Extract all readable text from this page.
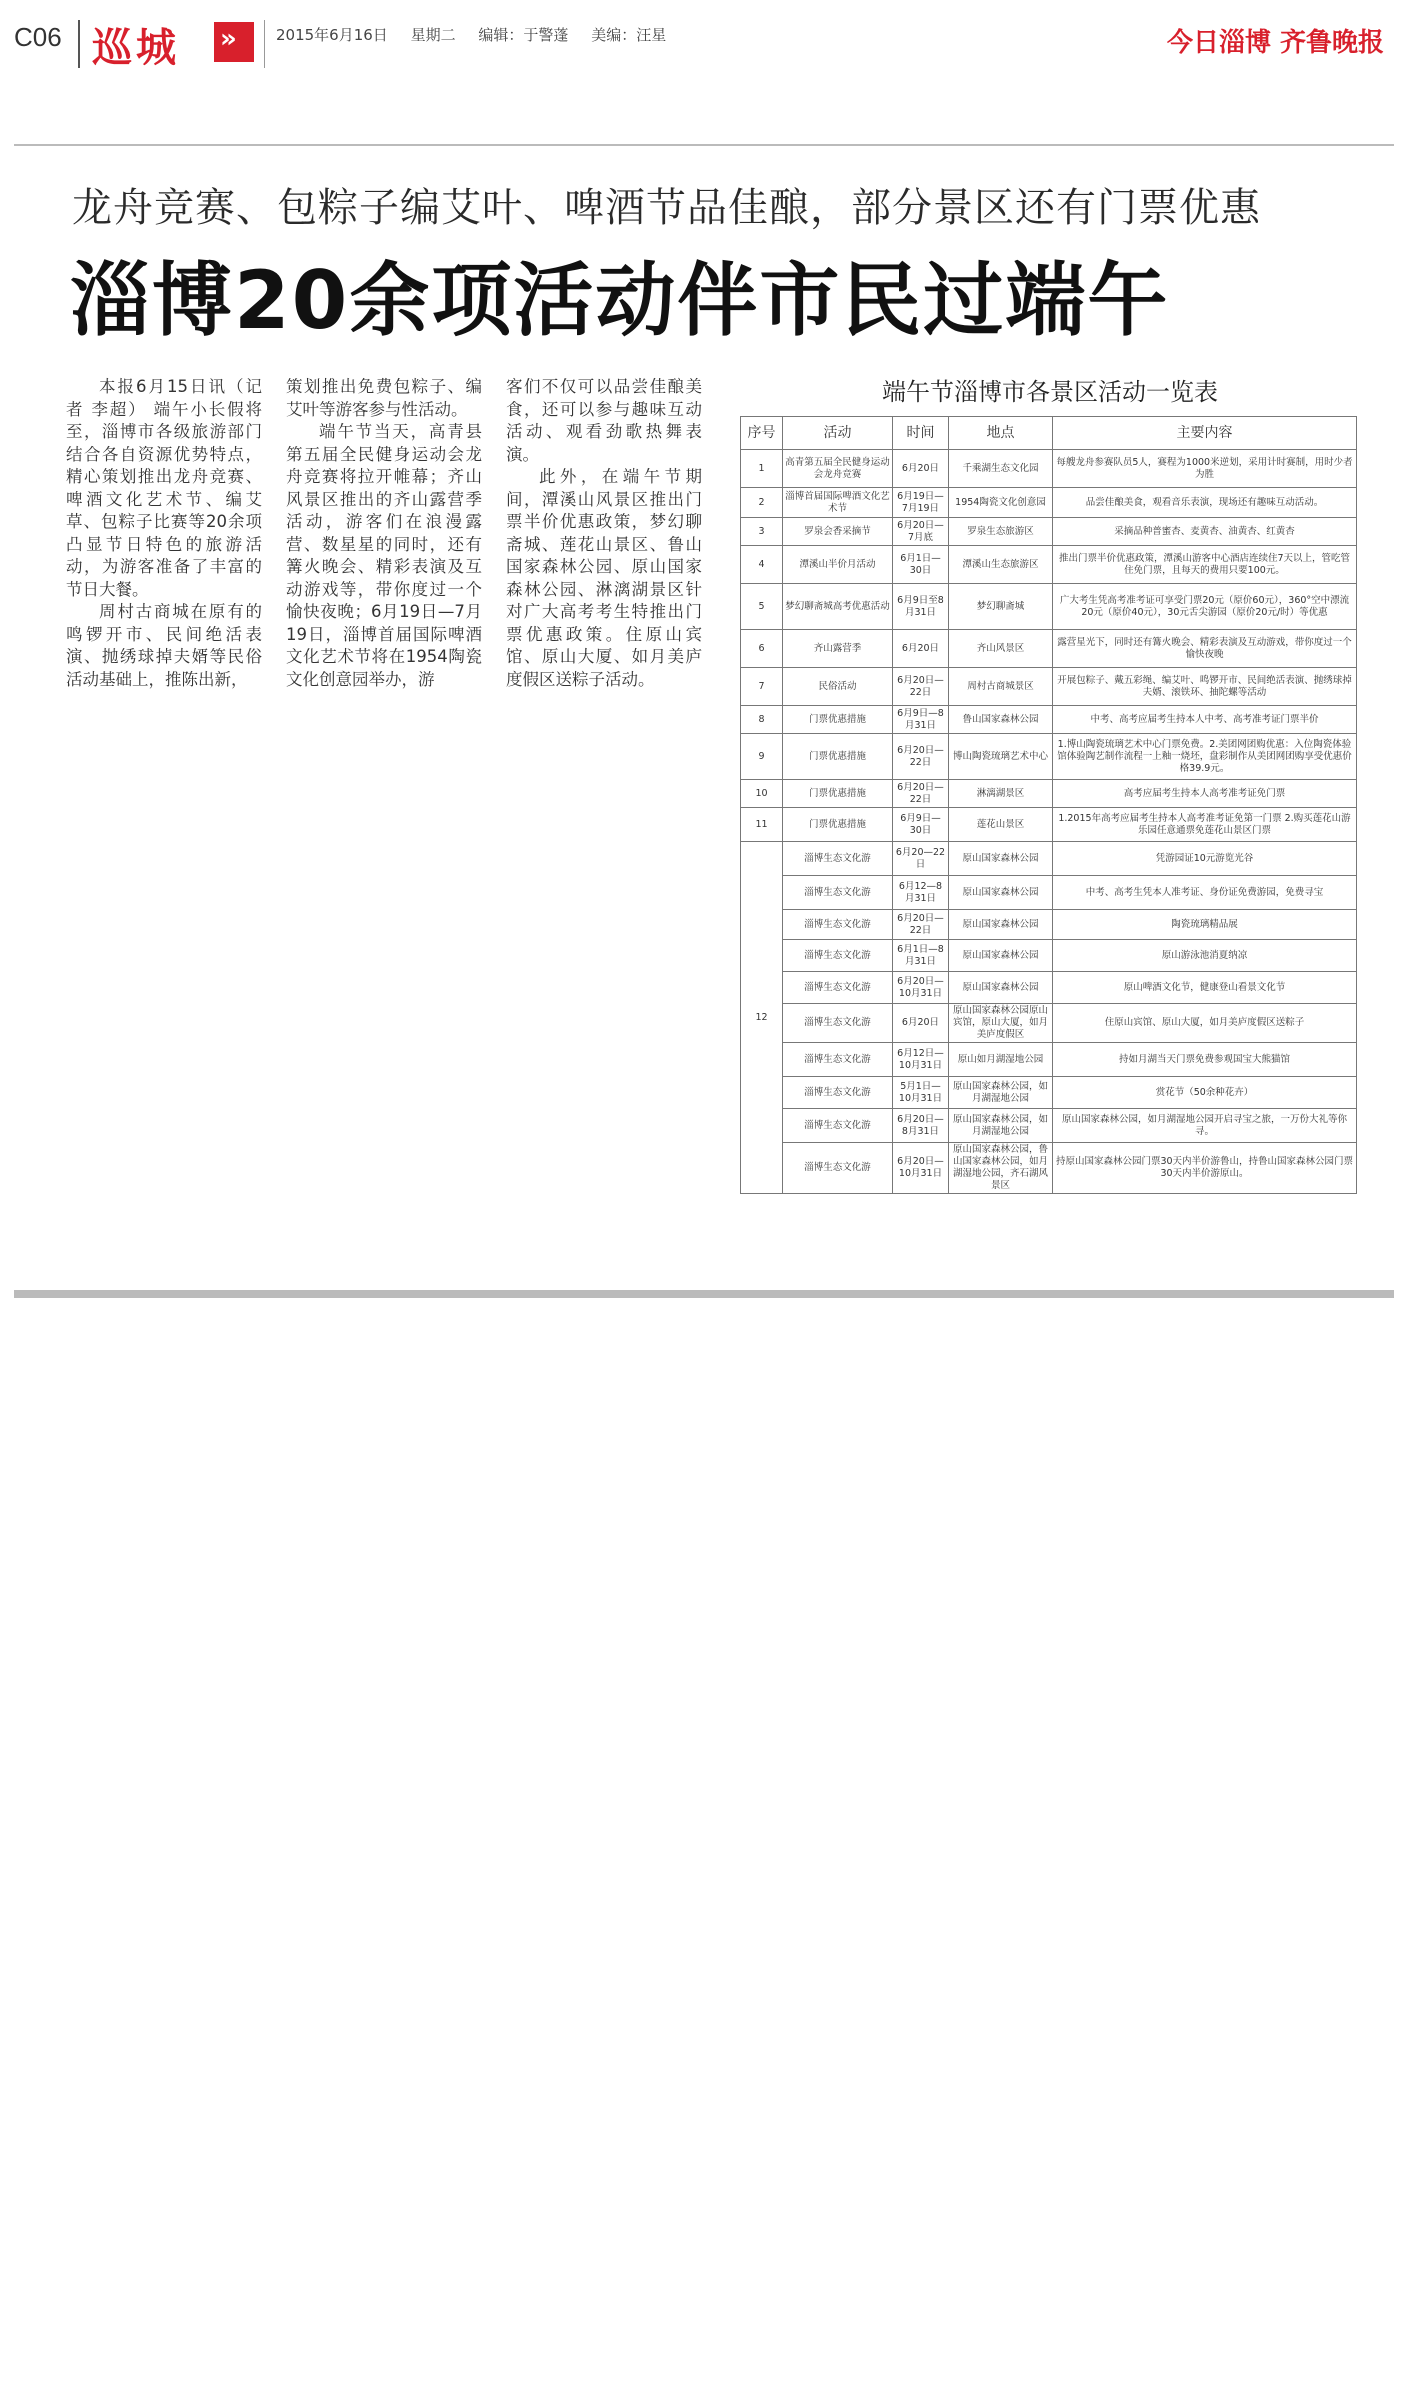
C06 巡城 »	2015年6月16日 星期二 编辑：于警蓬 美编：汪星	今日淄博 齐鲁晚报
龙舟竞赛、包粽子编艾叶、啤酒节品佳酿，部分景区还有门票优惠
淄博20余项活动伴市民过端午

本报6月15日讯（记者 李超） 端午小长假将至，淄博市各级旅游部门结合各自资源优势特点，精心策划推出龙舟竞赛、啤酒文化艺术节、编艾草、包粽子比赛等20余项凸显节日特色的旅游活动，为游客准备了丰富的节日大餐。

周村古商城在原有的鸣锣开市、民间绝活表演、抛绣球掉夫婿等民俗活动基础上，推陈出新，

策划推出免费包粽子、编艾叶等游客参与性活动。

端午节当天，高青县第五届全民健身运动会龙舟竞赛将拉开帷幕；齐山风景区推出的齐山露营季活动，游客们在浪漫露营、数星星的同时，还有篝火晚会、精彩表演及互动游戏等，带你度过一个愉快夜晚；6月19日—7月19日，淄博首届国际啤酒文化艺术节将在1954陶瓷文化创意园举办，游

客们不仅可以品尝佳酿美食，还可以参与趣味互动活动、观看劲歌热舞表演。

此外，在端午节期间，潭溪山风景区推出门票半价优惠政策，梦幻聊斋城、莲花山景区、鲁山国家森林公园、原山国家森林公园、淋漓湖景区针对广大高考考生特推出门票优惠政策。住原山宾馆、原山大厦、如月美庐度假区送粽子活动。

端午节淄博市各景区活动一览表
序号	活动	时间	地点	主要内容
1	高青第五届全民健身运动会龙舟竞赛	6月20日	千乘湖生态文化园	每艘龙舟参赛队员5人，赛程为1000米逆划，采用计时赛制，用时少者为胜
2	淄博首届国际啤酒文化艺术节	6月19日—7月19日	1954陶瓷文化创意园	品尝佳酿美食，观看音乐表演，现场还有趣味互动活动。
3	罗泉会香采摘节	6月20日—7月底	罗泉生态旅游区	采摘品种普蜜杏、麦黄杏、油黄杏、红黄杏
4	潭溪山半价月活动	6月1日—30日	潭溪山生态旅游区	推出门票半价优惠政策，潭溪山游客中心酒店连续住7天以上，管吃管住免门票，且每天的费用只要100元。
5	梦幻聊斋城高考优惠活动	6月9日至8月31日	梦幻聊斋城	广大考生凭高考准考证可享受门票20元（原价60元），360°空中漂流20元（原价40元），30元舌尖游园（原价20元/时）等优惠
6	齐山露营季	6月20日	齐山风景区	露营星光下，同时还有篝火晚会、精彩表演及互动游戏，带你度过一个愉快夜晚
7	民俗活动	6月20日—22日	周村古商城景区	开展包粽子、戴五彩绳、编艾叶、鸣锣开市、民间绝活表演、抛绣球掉夫婿、滚铁环、抽陀螺等活动
8	门票优惠措施	6月9日—8月31日	鲁山国家森林公园	中考、高考应届考生持本人中考、高考准考证门票半价
9	门票优惠措施	6月20日—22日	博山陶瓷琉璃艺术中心	1.博山陶瓷琉璃艺术中心门票免费。2.美团网团购优惠：入位陶瓷体验馆体验陶艺制作流程一上釉一烧坯，盘彩制作从美团网团购享受优惠价格39.9元。
10	门票优惠措施	6月20日—22日	淋漓湖景区	高考应届考生持本人高考准考证免门票
11	门票优惠措施	6月9日—30日	莲花山景区	1.2015年高考应届考生持本人高考准考证免第一门票 2.购买莲花山游乐园任意通票免莲花山景区门票
12	淄博生态文化游	6月20—22日	原山国家森林公园	凭游园证10元游览光谷
	淄博生态文化游	6月12—8月31日	原山国家森林公园	中考、高考生凭本人准考证、身份证免费游园，免费寻宝
	淄博生态文化游	6月20日—22日	原山国家森林公园	陶瓷琉璃精品展
	淄博生态文化游	6月1日—8月31日	原山国家森林公园	原山游泳池消夏纳凉
	淄博生态文化游	6月20日—10月31日	原山国家森林公园	原山啤酒文化节，健康登山看景文化节
	淄博生态文化游	6月20日	原山国家森林公园原山宾馆，原山大厦，如月美庐度假区	住原山宾馆、原山大厦，如月美庐度假区送粽子
	淄博生态文化游	6月12日—10月31日	原山如月湖湿地公园	持如月湖当天门票免费参观国宝大熊猫馆
	淄博生态文化游	5月1日—10月31日	原山国家森林公园，如月湖湿地公园	赏花节（50余种花卉）
	淄博生态文化游	6月20日—8月31日	原山国家森林公园，如月湖湿地公园	原山国家森林公园，如月湖湿地公园开启寻宝之旅，一万份大礼等你寻。
	淄博生态文化游	6月20日—10月31日	原山国家森林公园，鲁山国家森林公园，如月湖湿地公园，齐石湖风景区	持原山国家森林公园门票30天内半价游鲁山，持鲁山国家森林公园门票30天内半价游原山。
